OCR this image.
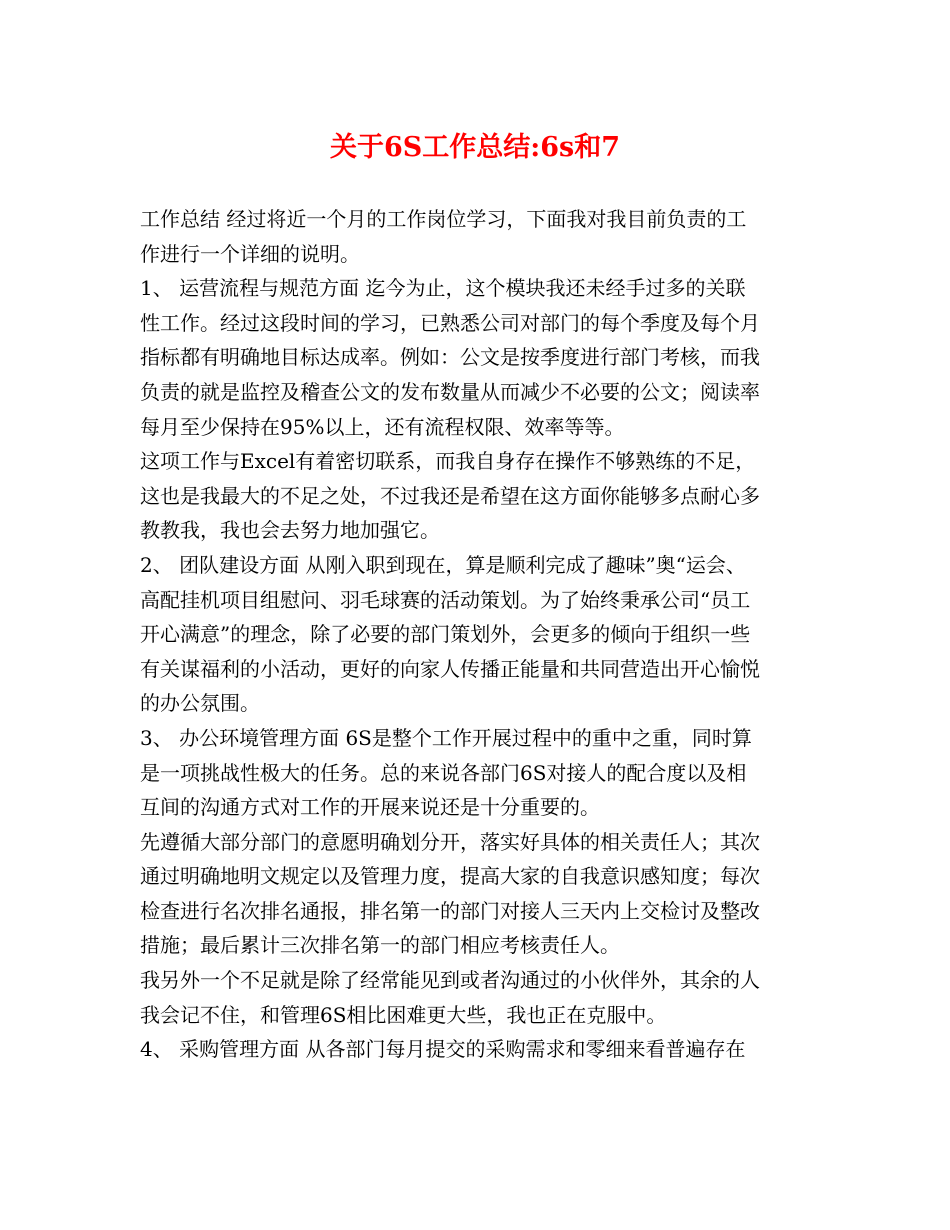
关于6S工作总结:6s和7
工作总结 经过将近一个月的工作岗位学习，下面我对我目前负责的工
作进行一个详细的说明。
1、 运营流程与规范方面 迄今为止，这个模块我还未经手过多的关联
性工作。经过这段时间的学习，已熟悉公司对部门的每个季度及每个月
指标都有明确地目标达成率。例如：公文是按季度进行部门考核，而我
负责的就是监控及稽查公文的发布数量从而减少不必要的公文；阅读率
每月至少保持在95%以上，还有流程权限、效率等等。
这项工作与Excel有着密切联系，而我自身存在操作不够熟练的不足，
这也是我最大的不足之处，不过我还是希望在这方面你能够多点耐心多
教教我，我也会去努力地加强它。
2、 团队建设方面 从刚入职到现在，算是顺利完成了趣味”奥“运会、
高配挂机项目组慰问、羽毛球赛的活动策划。为了始终秉承公司“员工
开心满意”的理念，除了必要的部门策划外，会更多的倾向于组织一些
有关谋福利的小活动，更好的向家人传播正能量和共同营造出开心愉悦
的办公氛围。
3、 办公环境管理方面 6S是整个工作开展过程中的重中之重，同时算
是一项挑战性极大的任务。总的来说各部门6S对接人的配合度以及相
互间的沟通方式对工作的开展来说还是十分重要的。
先遵循大部分部门的意愿明确划分开，落实好具体的相关责任人；其次
通过明确地明文规定以及管理力度，提高大家的自我意识感知度；每次
检查进行名次排名通报，排名第一的部门对接人三天内上交检讨及整改
措施；最后累计三次排名第一的部门相应考核责任人。
我另外一个不足就是除了经常能见到或者沟通过的小伙伴外，其余的人
我会记不住，和管理6S相比困难更大些，我也正在克服中。
4、 采购管理方面 从各部门每月提交的采购需求和零细来看普遍存在
